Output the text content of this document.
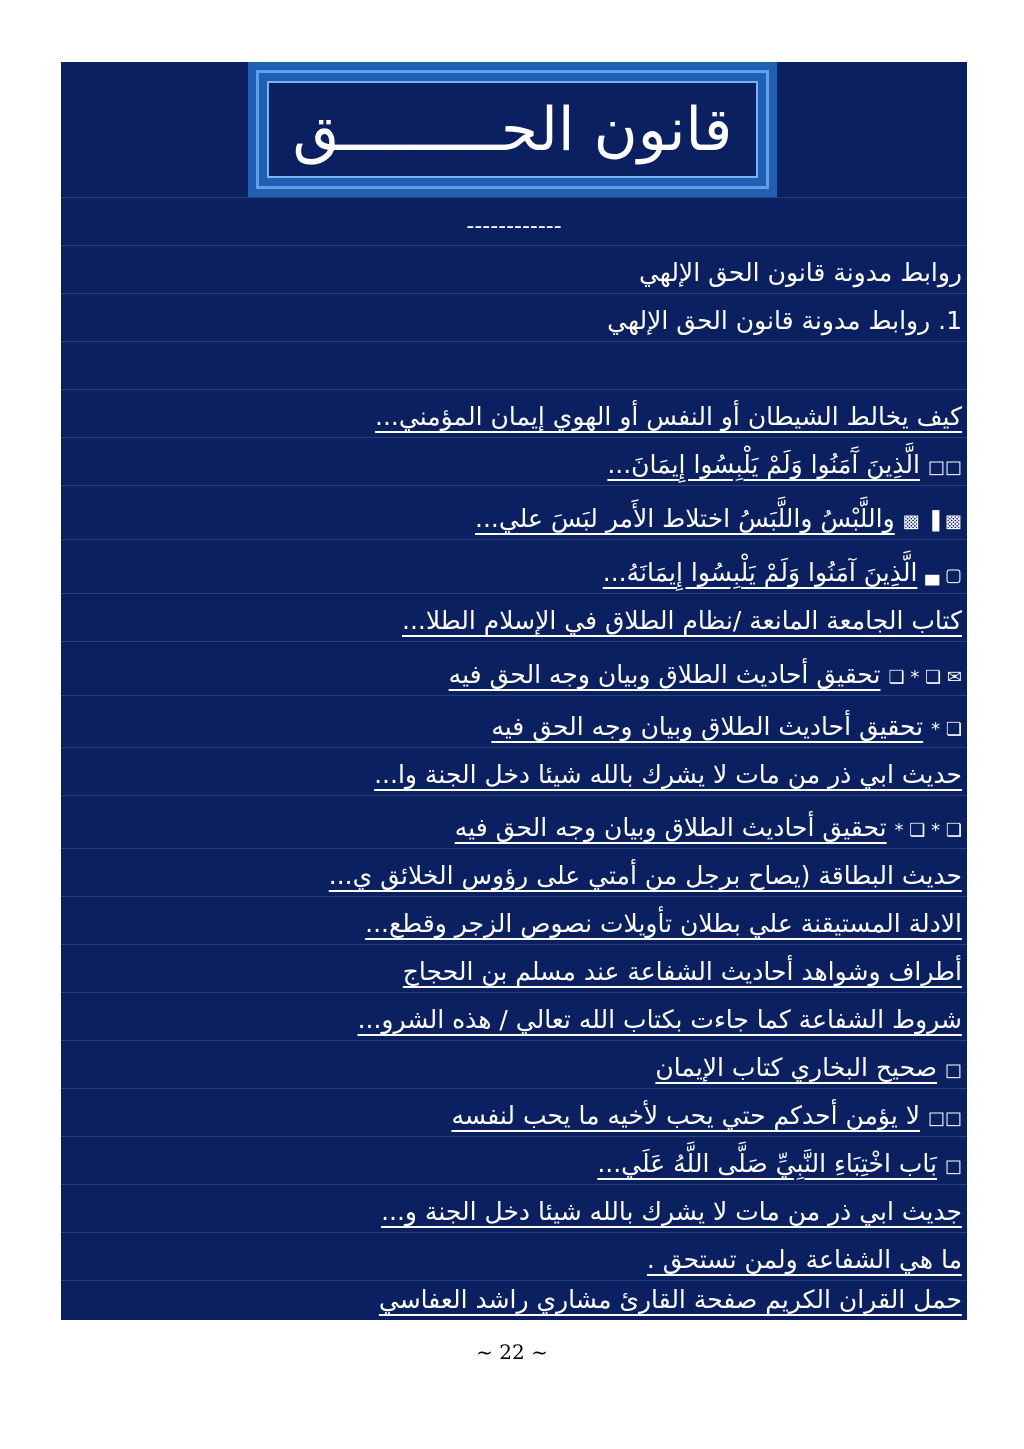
قانون الحـــــــــق
------------
روابط مدونة قانون الحق الإلهي
1. روابط مدونة قانون الحق الإلهي
كيف يخالط الشيطان أو النفس أو الهوي إيمان المؤمني...
□□الَّذِينَ آَمَنُوا وَلَمْ يَلْبِسُوا إِيمَانَ...
▩ ▐ ▩واللَّبْسُ واللَّبَسُ اختلاط الأَمر لبَسَ علي...
▢ ▄الَّذِينَ آمَنُوا وَلَمْ يَلْبِسُوا إِيمَانَهُ...
كتاب الجامعة المانعة /نظام الطلاق في الإسلام الطلا...
✉ ❏ * ❏تحقيق أحاديث الطلاق وبيان وجه الحق فيه
❏ *تحقيق أحاديث الطلاق وبيان وجه الحق فيه
حديث ابي ذر من مات لا يشرك بالله شيئا دخل الجنة وا...
❏ * ❏ *تحقيق أحاديث الطلاق وبيان وجه الحق فيه
حديث البطاقة (يصاح برجل من أمتي على رؤوس الخلائق ي...
الادلة المستيقنة علي بطلان تأويلات نصوص الزجر وقطع...
أطراف وشواهد أحاديث الشفاعة عند مسلم بن الحجاج
شروط الشفاعة كما جاءت بكتاب الله تعالي / هذه الشرو...
□صحيح البخاري كتاب الإيمان
□□لا يؤمن أحدكم حتي يحب لأخيه ما يحب لنفسه
□بَاب اخْتِبَاءِ النَّبِيِّ صَلَّى اللَّهُ عَلَي...
جديث ابي ذر من مات لا يشرك بالله شيئا دخل الجنة و...
ما هي الشفاعة ولمن تستحق .
حمل القران الكريم صفحة القارئ مشاري راشد العفاسي
~ 22 ~
